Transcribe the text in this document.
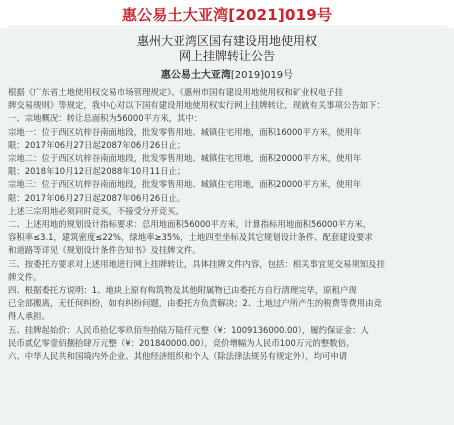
惠公易土大亚湾[2021]019号
惠州大亚湾区国有建设用地使用权
网上挂牌转让公告
惠公易土大亚湾[2019]019号

根据《广东省土地使用权交易市场管理规定》、《惠州市国有建设用地使用权和矿业权电子挂

牌交易规则》等规定，我中心对以下国有建设用地使用权实行网上挂牌转让，现就有关事项公告如下：

一、宗地概况：转让总面积为56000平方米，其中：

宗地一：位于西区坑梓谷南面地段，批发零售用地、城镇住宅用地，面积16000平方米，使用年

限：2017年06月27日起2087年06月26日止；

宗地二：位于西区坑梓谷南面地段，批发零售用地、城镇住宅用地，面积20000平方米，使用年

限：2018年10月12日起2088年10月11日止；

宗地三：位于西区坑梓谷南面地段，批发零售用地、城镇住宅用地，面积20000平方米，使用年

限：2017年06月27日起2087年06月26日止。

上述三宗用地必须同时竞买，不接受分开竞买。

二、上述用地的规划设计指标要求：总用地面积56000平方米，计算指标用地面积56000平方米，

容积率≤3.1，建筑密度≤22%，绿地率≥35%，土地四至坐标及其它规划设计条件、配套建设要求

和道路等详见《规划设计条件告知书》及挂牌文件。

三、按委托方要求对上述用地进行网上挂牌转让，具体挂牌文件内容，包括：相关事宜见交易须知及挂

牌文件。

四、根据委托方说明：1、地块上原有构筑物及其他附属物已由委托方自行清理完毕，原租户现

已全部搬离，无任何纠纷，如有纠纷问题，由委托方负责解决；2、土地过户所产生的税费等费用由竞

得人承担。

五、挂牌起始价：人民币拾亿零玖佰叁拾陆万陆仟元整（¥：1009136000.00），履约保证金：人

民币贰亿零壹佰捌拾肆万元整（¥：201840000.00），竞价增幅为人民币100万元的整数倍。

六、中华人民共和国境内外企业、其他经济组织和个人（除法律法规另有规定外），均可申请
